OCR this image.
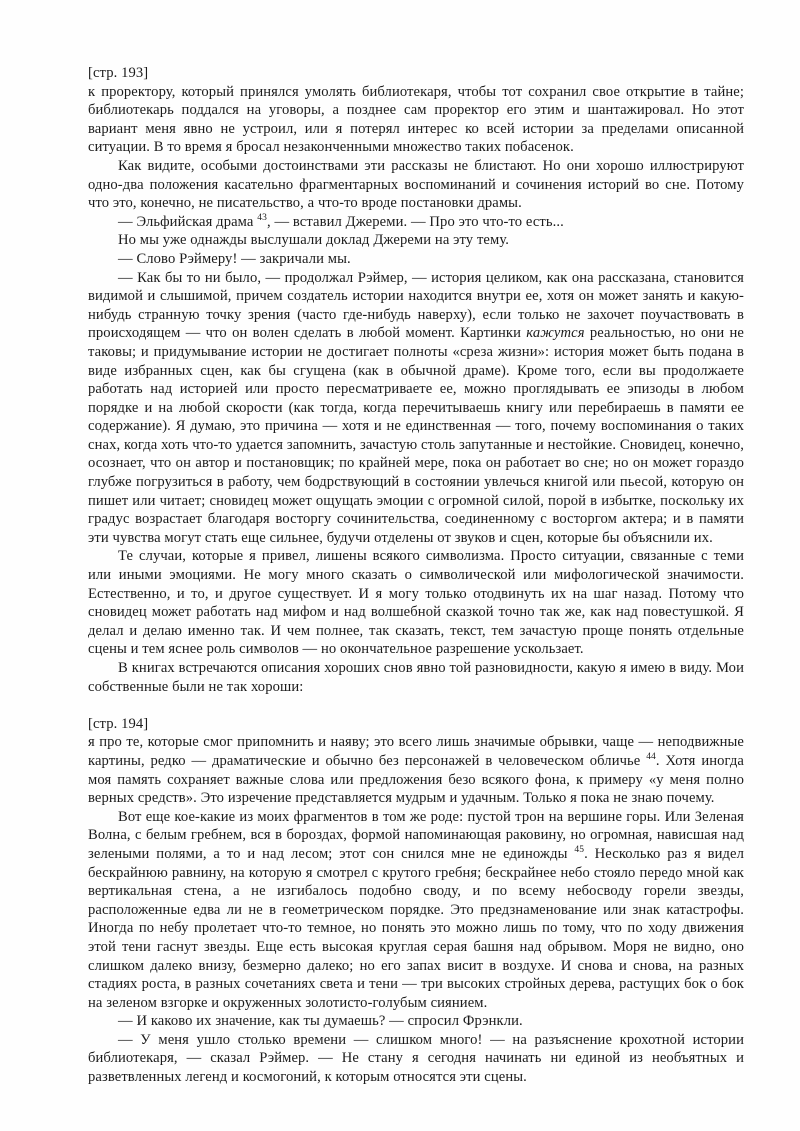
[стр. 193]

к проректору, который принялся умолять библиотекаря, чтобы тот сохранил свое открытие в тайне; библиотекарь поддался на уговоры, а позднее сам проректор его этим и шантажировал. Но этот вариант меня явно не устроил, или я потерял интерес ко всей истории за пределами описанной ситуации. В то время я бросал незаконченными множество таких побасенок.

Как видите, особыми достоинствами эти рассказы не блистают. Но они хорошо иллюстрируют одно-два положения касательно фрагментарных воспоминаний и сочинения историй во сне. Потому что это, конечно, не писательство, а что-то вроде постановки драмы.

— Эльфийская драма $^{43}$, — вставил Джереми. — Про это что-то есть...

Но мы уже однажды выслушали доклад Джереми на эту тему.

— Слово Рэймеру! — закричали мы.

— Как бы то ни было, — продолжал Рэймер, — история целиком, как она рассказана, становится видимой и слышимой, причем создатель истории находится внутри ее, хотя он может занять и какую-нибудь странную точку зрения (часто где-нибудь наверху), если только не захочет поучаствовать в происходящем — что он волен сделать в любой момент. Картинки кажутся реальностью, но они не таковы; и придумывание истории не достигает полноты «среза жизни»: история может быть подана в виде избранных сцен, как бы сгущена (как в обычной драме). Кроме того, если вы продолжаете работать над историей или просто пересматриваете ее, можно проглядывать ее эпизоды в любом порядке и на любой скорости (как тогда, когда перечитываешь книгу или перебираешь в памяти ее содержание). Я думаю, это причина — хотя и не единственная — того, почему воспоминания о таких снах, когда хоть что-то удается запомнить, зачастую столь запутанные и нестойкие. Сновидец, конечно, осознает, что он автор и постановщик; по крайней мере, пока он работает во сне; но он может гораздо глубже погрузиться в работу, чем бодрствующий в состоянии увлечься книгой или пьесой, которую он пишет или читает; сновидец может ощущать эмоции с огромной силой, порой в избытке, поскольку их градус возрастает благодаря восторгу сочинительства, соединенному с восторгом актера; и в памяти эти чувства могут стать еще сильнее, будучи отделены от звуков и сцен, которые бы объяснили их.

Те случаи, которые я привел, лишены всякого символизма. Просто ситуации, связанные с теми или иными эмоциями. Не могу много сказать о символической или мифологической значимости. Естественно, и то, и другое существует. И я могу только отодвинуть их на шаг назад. Потому что сновидец может работать над мифом и над волшебной сказкой точно так же, как над повестушкой. Я делал и делаю именно так. И чем полнее, так сказать, текст, тем зачастую проще понять отдельные сцены и тем яснее роль символов — но окончательное разрешение ускользает.

В книгах встречаются описания хороших снов явно той разновидности, какую я имею в виду. Мои собственные были не так хороши:

[стр. 194]

я про те, которые смог припомнить и наяву; это всего лишь значимые обрывки, чаще — неподвижные картины, редко — драматические и обычно без персонажей в человеческом обличье $^{44}$. Хотя иногда моя память сохраняет важные слова или предложения безо всякого фона, к примеру «у меня полно верных средств». Это изречение представляется мудрым и удачным. Только я пока не знаю почему.

Вот еще кое-какие из моих фрагментов в том же роде: пустой трон на вершине горы. Или Зеленая Волна, с белым гребнем, вся в бороздах, формой напоминающая раковину, но огромная, нависшая над зелеными полями, а то и над лесом; этот сон снился мне не единожды $^{45}$. Несколько раз я видел бескрайнюю равнину, на которую я смотрел с крутого гребня; бескрайнее небо стояло передо мной как вертикальная стена, а не изгибалось подобно своду, и по всему небосводу горели звезды, расположенные едва ли не в геометрическом порядке. Это предзнаменование или знак катастрофы. Иногда по небу пролетает что-то темное, но понять это можно лишь по тому, что по ходу движения этой тени гаснут звезды. Еще есть высокая круглая серая башня над обрывом. Моря не видно, оно слишком далеко внизу, безмерно далеко; но его запах висит в воздухе. И снова и снова, на разных стадиях роста, в разных сочетаниях света и тени — три высоких стройных дерева, растущих бок о бок на зеленом взгорке и окруженных золотисто-голубым сиянием.

— И каково их значение, как ты думаешь? — спросил Фрэнкли.

— У меня ушло столько времени — слишком много! — на разъяснение крохотной истории библиотекаря, — сказал Рэймер. — Не стану я сегодня начинать ни единой из необъятных и разветвленных легенд и космогоний, к которым относятся эти сцены.
